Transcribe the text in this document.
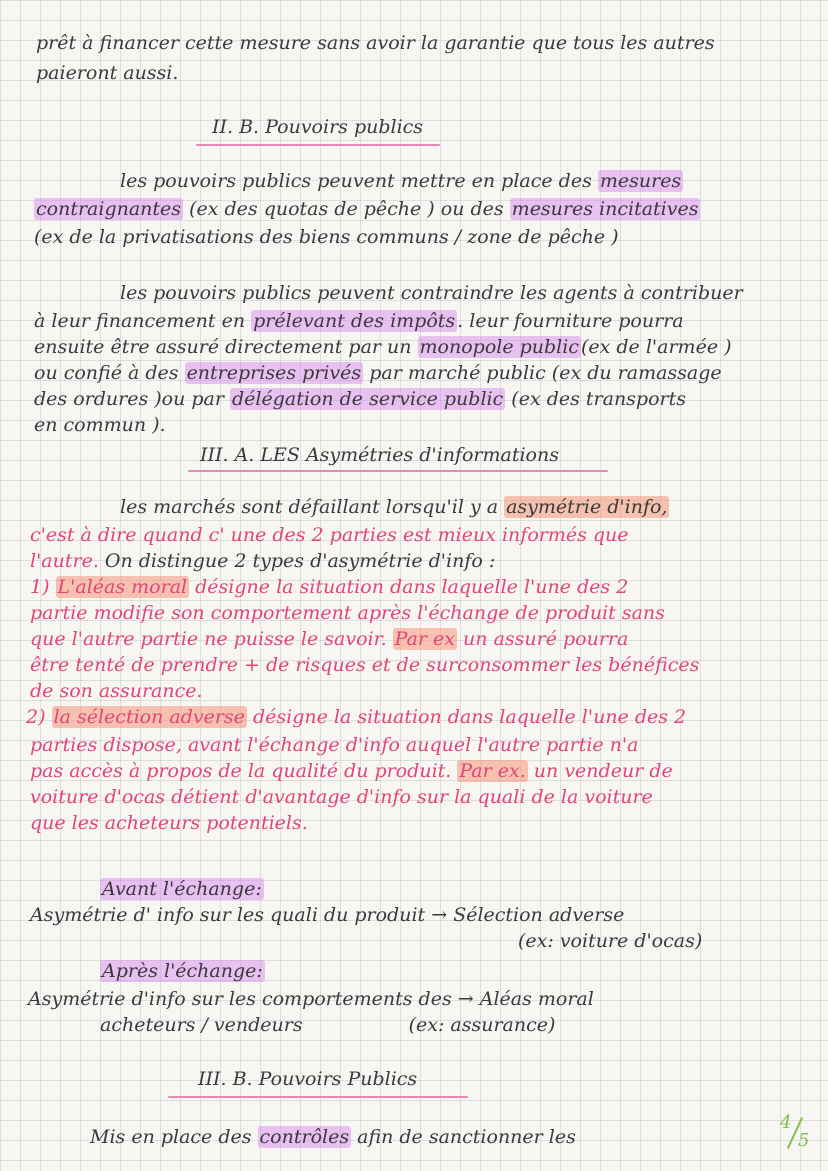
prêt à financer cette mesure sans avoir la garantie que tous les autres

paieront aussi.

II. B. Pouvoirs publics

les pouvoirs publics peuvent mettre en place des mesures

contraignantes (ex des quotas de pêche ) ou des mesures incitatives

(ex de la privatisations des biens communs / zone de pêche )

les pouvoirs publics peuvent contraindre les agents à contribuer

à leur financement en prélevant des impôts . leur fourniture pourra

ensuite être assuré directement par un monopole public (ex de l'armée )

ou confié à des entreprises privés par marché public (ex du ramassage

des ordures )ou par délégation de service public (ex des transports

en commun ).

III. A. LES Asymétries d'informations

les marchés sont défaillant lorsqu'il y a asymétrie d'info,

c'est à dire quand c' une des 2 parties est mieux informés que

l'autre. On distingue 2 types d'asymétrie d'info :

1) L'aléas moral désigne la situation dans laquelle l'une des 2

partie modifie son comportement après l'échange de produit sans

que l'autre partie ne puisse le savoir. Par ex un assuré pourra

être tenté de prendre + de risques et de surconsommer les bénéfices

de son assurance.

2) la sélection adverse désigne la situation dans laquelle l'une des 2

parties dispose, avant l'échange d'info auquel l'autre partie n'a

pas accès à propos de la qualité du produit. Par ex. un vendeur de

voiture d'ocas détient d'avantage d'info sur la quali de la voiture

que les acheteurs potentiels.

Avant l'échange:

Asymétrie d' info sur les quali du produit → Sélection adverse

(ex: voiture d'ocas)

Après l'échange:

Asymétrie d'info sur les comportements des → Aléas moral

acheteurs / vendeurs	(ex: assurance)

III. B. Pouvoirs Publics

Mis en place des contrôles afin de sanctionner les

4
5
